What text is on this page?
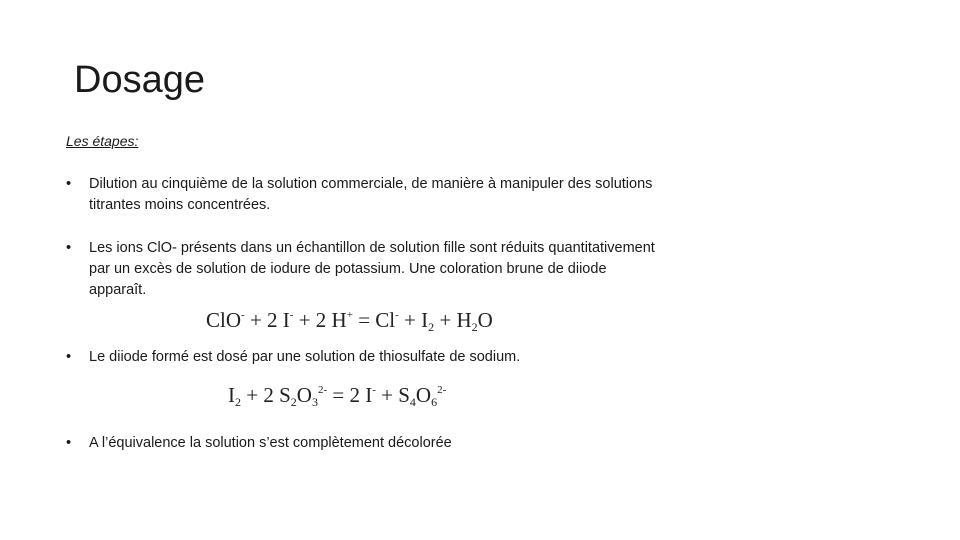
Dosage

Les étapes:

• Dilution au cinquième de la solution commerciale, de manière à manipuler des solutions titrantes moins concentrées.
• Les ions ClO- présents dans un échantillon de solution fille sont réduits quantitativement par un excès de solution de iodure de potassium. Une coloration brune de diiode apparaît.
ClO- + 2 I- + 2 $H^+ = Cl^- + I_2 + H_2O$
• Le diiode formé est dosé par une solution de thiosulfate de sodium.
$I_2 + 2$ $S_2O_3^{2-} = 2$ $I^- + S_4O_6^{2-}$
• A l’équivalence la solution s’est complètement décolorée
